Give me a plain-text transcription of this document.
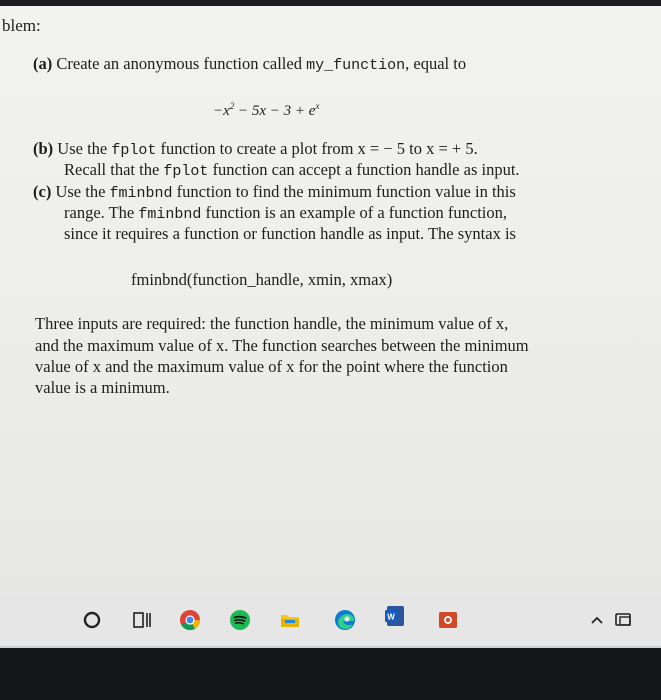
blem:
(a) Create an anonymous function called my_function, equal to
$-x^2 - 5x - 3 + e^x$
(b) Use the fplot function to create a plot from x = − 5 to x = + 5.
Recall that the fplot function can accept a function handle as input.
(c) Use the fminbnd function to find the minimum function value in this
range. The fminbnd function is an example of a function function,
since it requires a function or function handle as input. The syntax is
fminbnd(function_handle, xmin, xmax)
Three inputs are required: the function handle, the minimum value of x,
and the maximum value of x. The function searches between the minimum
value of x and the maximum value of x for the point where the function
value is a minimum.
W
